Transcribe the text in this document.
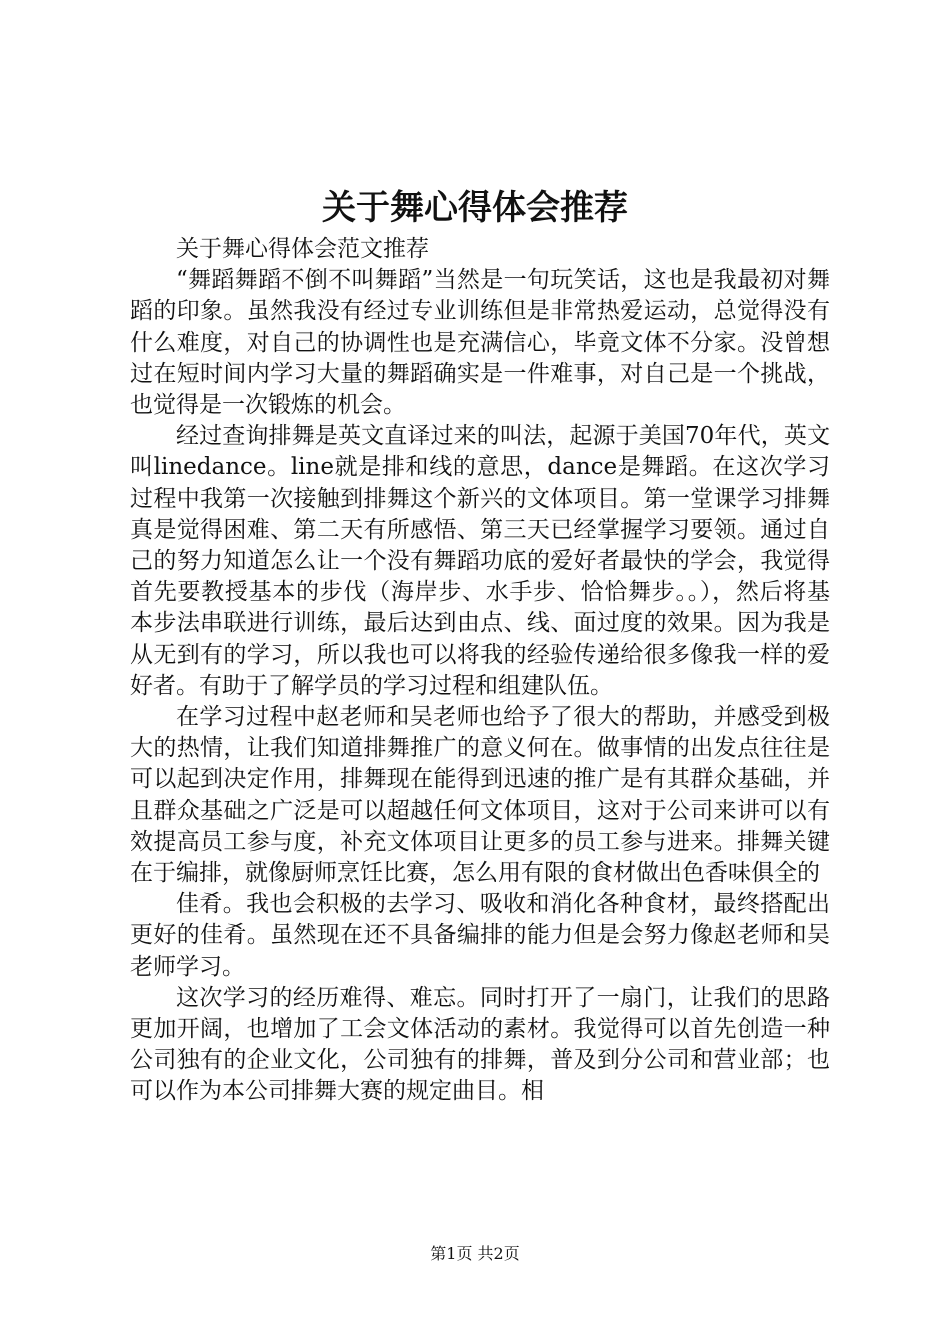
关于舞心得体会推荐

关于舞心得体会范文推荐

“舞蹈舞蹈不倒不叫舞蹈”当然是一句玩笑话，这也是我最初对舞蹈的印象。虽然我没有经过专业训练但是非常热爱运动，总觉得没有什么难度，对自己的协调性也是充满信心，毕竟文体不分家。没曾想过在短时间内学习大量的舞蹈确实是一件难事，对自己是一个挑战，也觉得是一次锻炼的机会。

经过查询排舞是英文直译过来的叫法，起源于美国70年代，英文叫linedance。line就是排和线的意思，dance是舞蹈。在这次学习过程中我第一次接触到排舞这个新兴的文体项目。第一堂课学习排舞真是觉得困难、第二天有所感悟、第三天已经掌握学习要领。通过自己的努力知道怎么让一个没有舞蹈功底的爱好者最快的学会，我觉得首先要教授基本的步伐（海岸步、水手步、恰恰舞步。。），然后将基本步法串联进行训练，最后达到由点、线、面过度的效果。因为我是从无到有的学习，所以我也可以将我的经验传递给很多像我一样的爱好者。有助于了解学员的学习过程和组建队伍。

在学习过程中赵老师和吴老师也给予了很大的帮助，并感受到极大的热情，让我们知道排舞推广的意义何在。做事情的出发点往往是可以起到决定作用，排舞现在能得到迅速的推广是有其群众基础，并且群众基础之广泛是可以超越任何文体项目，这对于公司来讲可以有效提高员工参与度，补充文体项目让更多的员工参与进来。排舞关键在于编排，就像厨师烹饪比赛，怎么用有限的食材做出色香味俱全的

佳肴。我也会积极的去学习、吸收和消化各种食材，最终搭配出更好的佳肴。虽然现在还不具备编排的能力但是会努力像赵老师和吴老师学习。

这次学习的经历难得、难忘。同时打开了一扇门，让我们的思路更加开阔，也增加了工会文体活动的素材。我觉得可以首先创造一种公司独有的企业文化，公司独有的排舞，普及到分公司和营业部；也可以作为本公司排舞大赛的规定曲目。相

第1页 共2页
